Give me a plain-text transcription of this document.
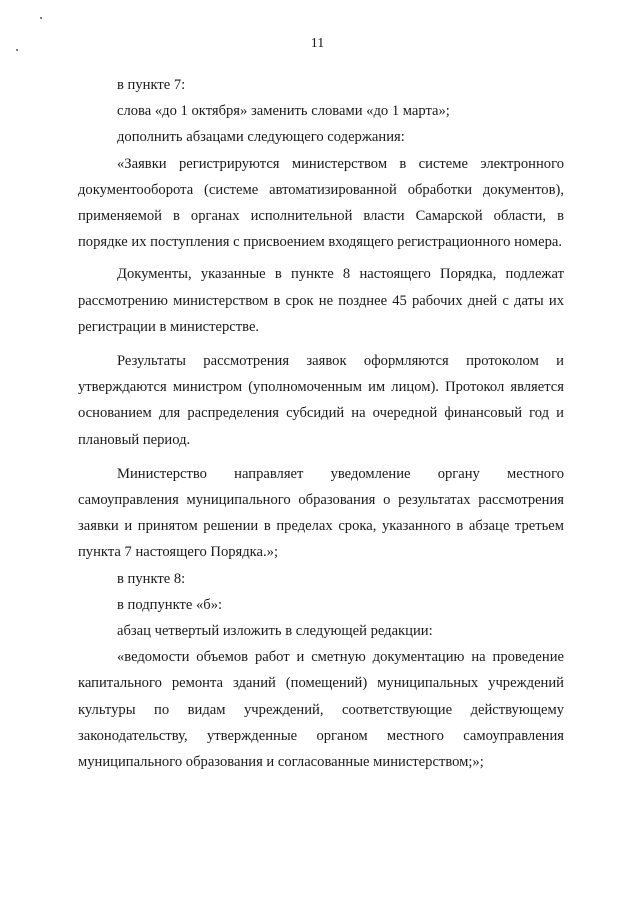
11

в пункте 7:

слова «до 1 октября» заменить словами «до 1 марта»;

дополнить абзацами следующего содержания:

«Заявки регистрируются министерством в системе электронного документооборота (системе автоматизированной обработки документов), применяемой в органах исполнительной власти Самарской области, в порядке их поступления с присвоением входящего регистрационного номера.

Документы, указанные в пункте 8 настоящего Порядка, подлежат рассмотрению министерством в срок не позднее 45 рабочих дней с даты их регистрации в министерстве.

Результаты рассмотрения заявок оформляются протоколом и утверждаются министром (уполномоченным им лицом). Протокол является основанием для распределения субсидий на очередной финансовый год и плановый период.

Министерство направляет уведомление органу местного самоуправления муниципального образования о результатах рассмотрения заявки и принятом решении в пределах срока, указанного в абзаце третьем пункта 7 настоящего Порядка.»;

в пункте 8:

в подпункте «б»:

абзац четвертый изложить в следующей редакции:

«ведомости объемов работ и сметную документацию на проведение капитального ремонта зданий (помещений) муниципальных учреждений культуры по видам учреждений, соответствующие действующему законодательству, утвержденные органом местного самоуправления муниципального образования и согласованные министерством;»;
